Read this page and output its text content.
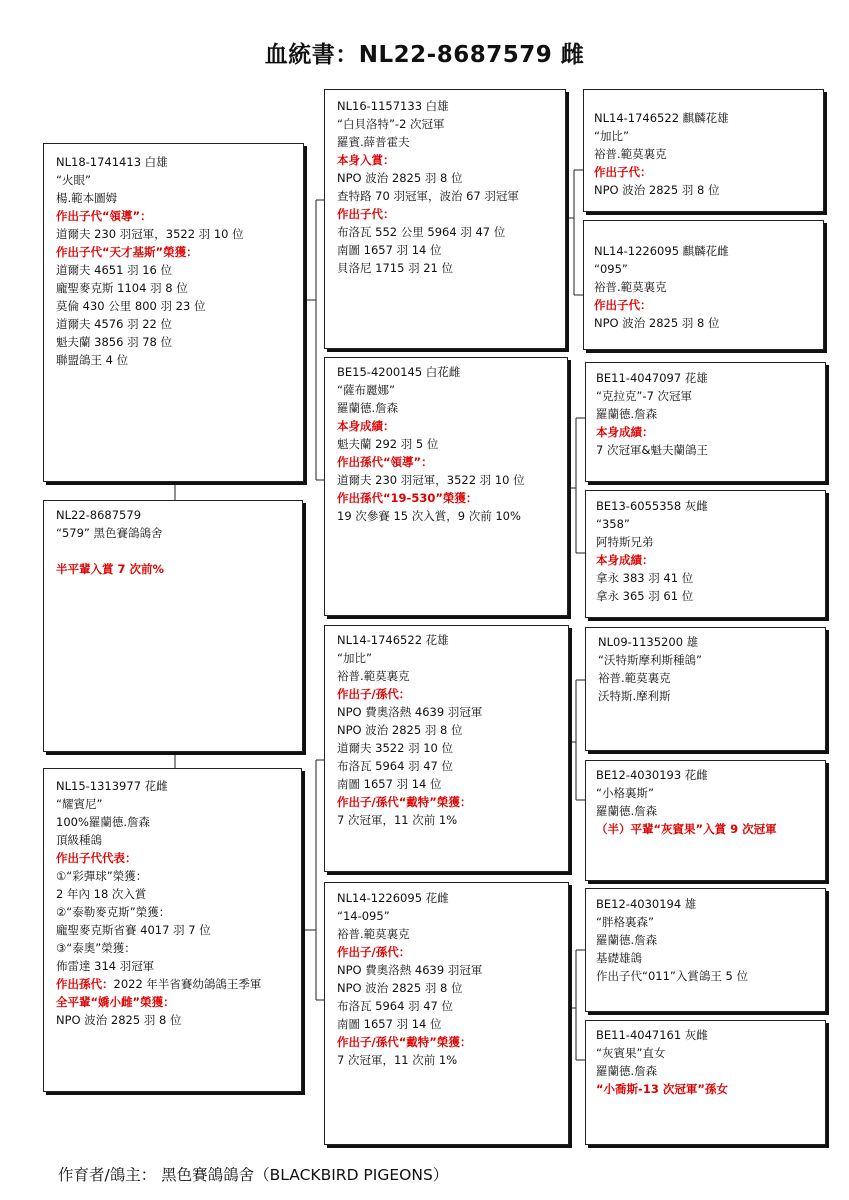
血統書：NL22-8687579 雌
NL18-1741413 白雄
“火眼”
楊.範本圖姆
作出子代“領導”：
道爾夫 230 羽冠軍，3522 羽 10 位
作出子代“天才基斯”榮獲：
道爾夫 4651 羽 16 位
龐聖麥克斯 1104 羽 8 位
莫倫 430 公里 800 羽 23 位
道爾夫 4576 羽 22 位
魁夫蘭 3856 羽 78 位
聯盟鴿王 4 位
NL22-8687579
“579” 黑色賽鴿鴿舍
半平輩入賞 7 次前%
NL15-1313977 花雌
“耀賓尼”
100%羅蘭德.詹森
頂級種鴿
作出子代代表：
①“彩彈球”榮獲：
2 年內 18 次入賞
②“泰勒麥克斯”榮獲：
龐聖麥克斯省賽 4017 羽 7 位
③“泰奧”榮獲：
佈雷達 314 羽冠軍
作出孫代：2022 年半省賽幼鴿鴿王季軍
全平輩“嬌小雌”榮獲：
NPO 波治 2825 羽 8 位
NL16-1157133 白雄
“白貝洛特”-2 次冠軍
羅賓.薛普霍夫
本身入賞：
NPO 波治 2825 羽 8 位
查特路 70 羽冠軍，波治 67 羽冠軍
作出子代：
布洛瓦 552 公里 5964 羽 47 位
南圖 1657 羽 14 位
貝洛尼 1715 羽 21 位
BE15-4200145 白花雌
“薩布麗娜”
羅蘭德.詹森
本身成績：
魁夫蘭 292 羽 5 位
作出孫代“領導”：
道爾夫 230 羽冠軍，3522 羽 10 位
作出孫代“19-530”榮獲：
19 次參賽 15 次入賞，9 次前 10%
NL14-1746522 花雄
“加比”
裕普.範莫裏克
作出子/孫代：
NPO 費奧洛熱 4639 羽冠軍
NPO 波治 2825 羽 8 位
道爾夫 3522 羽 10 位
布洛瓦 5964 羽 47 位
南圖 1657 羽 14 位
作出子/孫代“戴特”榮獲：
7 次冠軍，11 次前 1%
NL14-1226095 花雌
“14-095”
裕普.範莫裏克
作出子/孫代：
NPO 費奧洛熱 4639 羽冠軍
NPO 波治 2825 羽 8 位
布洛瓦 5964 羽 47 位
南圖 1657 羽 14 位
作出子/孫代“戴特”榮獲：
7 次冠軍，11 次前 1%
NL14-1746522 麒麟花雄
“加比”
裕普.範莫裏克
作出子代：
NPO 波治 2825 羽 8 位
NL14-1226095 麒麟花雌
“095”
裕普.範莫裏克
作出子代：
NPO 波治 2825 羽 8 位
BE11-4047097 花雄
“克拉克”-7 次冠軍
羅蘭德.詹森
本身成績：
7 次冠軍&魁夫蘭鴿王
BE13-6055358 灰雌
“358”
阿特斯兄弟
本身成績：
拿永 383 羽 41 位
拿永 365 羽 61 位
NL09-1135200 雄
“沃特斯摩利斯種鴿”
裕普.範莫裏克
沃特斯.摩利斯
BE12-4030193 花雌
“小格裏斯”
羅蘭德.詹森
（半）平輩“灰賓果”入賞 9 次冠軍
BE12-4030194 雄
“胖格裏森”
羅蘭德.詹森
基礎雄鴿
作出子代“011”入賞鴿王 5 位
BE11-4047161 灰雌
“灰賓果”直女
羅蘭德.詹森
“小喬斯-13 次冠軍”孫女
作育者/鴿主： 黑色賽鴿鴿舍（BLACKBIRD PIGEONS）
